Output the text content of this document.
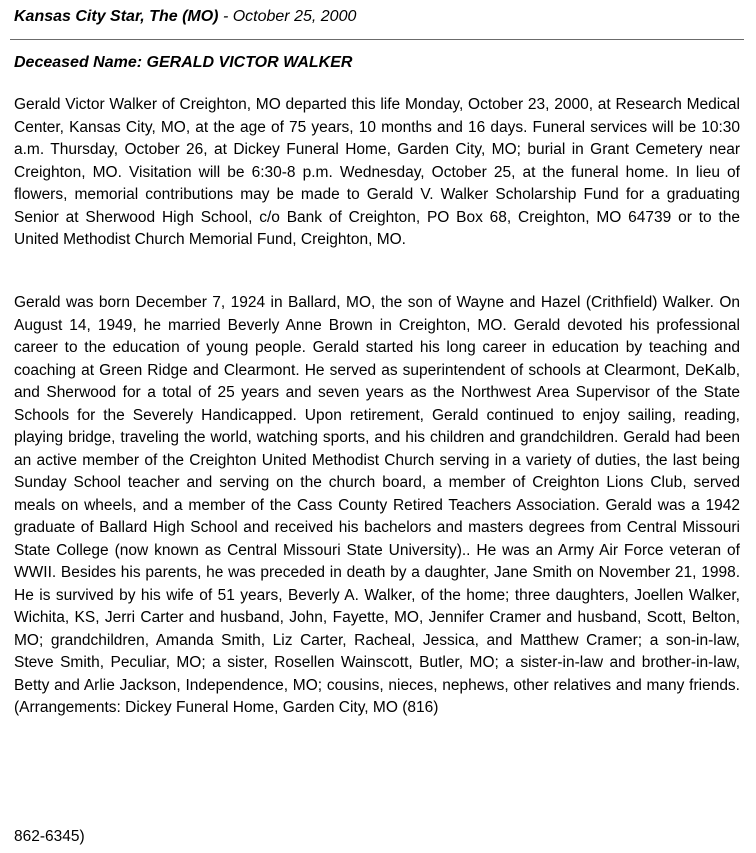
Kansas City Star, The (MO) - October 25, 2000
Deceased Name: GERALD VICTOR WALKER

Gerald Victor Walker of Creighton, MO departed this life Monday, October 23, 2000, at Research Medical Center, Kansas City, MO, at the age of 75 years, 10 months and 16 days. Funeral services will be 10:30 a.m. Thursday, October 26, at Dickey Funeral Home, Garden City, MO; burial in Grant Cemetery near Creighton, MO. Visitation will be 6:30-8 p.m. Wednesday, October 25, at the funeral home. In lieu of flowers, memorial contributions may be made to Gerald V. Walker Scholarship Fund for a graduating Senior at Sherwood High School, c/o Bank of Creighton, PO Box 68, Creighton, MO 64739 or to the United Methodist Church Memorial Fund, Creighton, MO.

Gerald was born December 7, 1924 in Ballard, MO, the son of Wayne and Hazel (Crithfield) Walker. On August 14, 1949, he married Beverly Anne Brown in Creighton, MO. Gerald devoted his professional career to the education of young people. Gerald started his long career in education by teaching and coaching at Green Ridge and Clearmont. He served as superintendent of schools at Clearmont, DeKalb, and Sherwood for a total of 25 years and seven years as the Northwest Area Supervisor of the State Schools for the Severely Handicapped. Upon retirement, Gerald continued to enjoy sailing, reading, playing bridge, traveling the world, watching sports, and his children and grandchildren. Gerald had been an active member of the Creighton United Methodist Church serving in a variety of duties, the last being Sunday School teacher and serving on the church board, a member of Creighton Lions Club, served meals on wheels, and a member of the Cass County Retired Teachers Association. Gerald was a 1942 graduate of Ballard High School and received his bachelors and masters degrees from Central Missouri State College (now known as Central Missouri State University).. He was an Army Air Force veteran of WWII. Besides his parents, he was preceded in death by a daughter, Jane Smith on November 21, 1998. He is survived by his wife of 51 years, Beverly A. Walker, of the home; three daughters, Joellen Walker, Wichita, KS, Jerri Carter and husband, John, Fayette, MO, Jennifer Cramer and husband, Scott, Belton, MO; grandchildren, Amanda Smith, Liz Carter, Racheal, Jessica, and Matthew Cramer; a son-in-law, Steve Smith, Peculiar, MO; a sister, Rosellen Wainscott, Butler, MO; a sister-in-law and brother-in-law, Betty and Arlie Jackson, Independence, MO; cousins, nieces, nephews, other relatives and many friends. (Arrangements: Dickey Funeral Home, Garden City, MO (816)

862-6345)
